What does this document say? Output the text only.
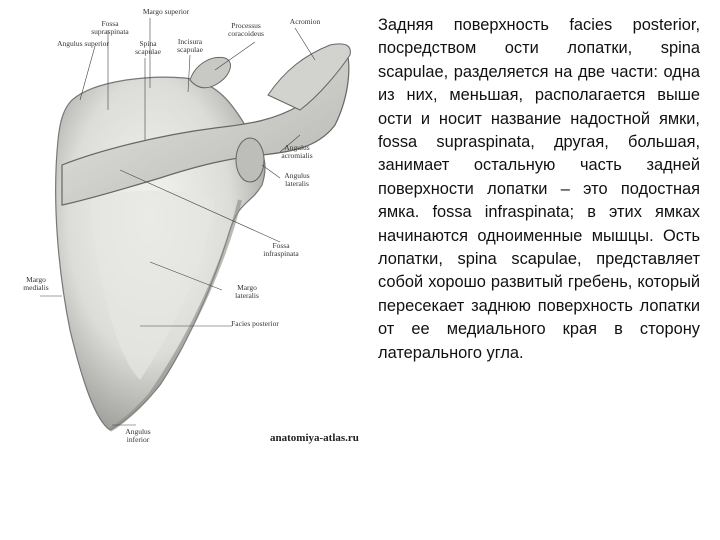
Margo superior
Fossa
supraspinata
Angulus superior	Spina
scapulae
Incisura
scapulae
Processus
coracoideus
Acromion
Angulus
acromialis
Angulus
lateralis
Fossa
infraspinata
Margo
medialis	Margo
lateralis
Facies posterior
Angulus
inferior	anatomiya-atlas.ru
Задняя поверхность facies posterior, посредством ости лопатки, spina scapulae, разделяется на две части: одна из них, меньшая, располагается выше ости и носит название надостной ямки, fossa supraspinata, другая, большая, занимает остальную часть задней поверхности лопатки – это подостная ямка. fossa infraspinata; в этих ямках начинаются одноименные мышцы. Ость лопатки, spina scapulae, представляет собой хорошо развитый гребень, который пересекает заднюю поверхность лопатки от ее медиального края в сторону латерального угла.
